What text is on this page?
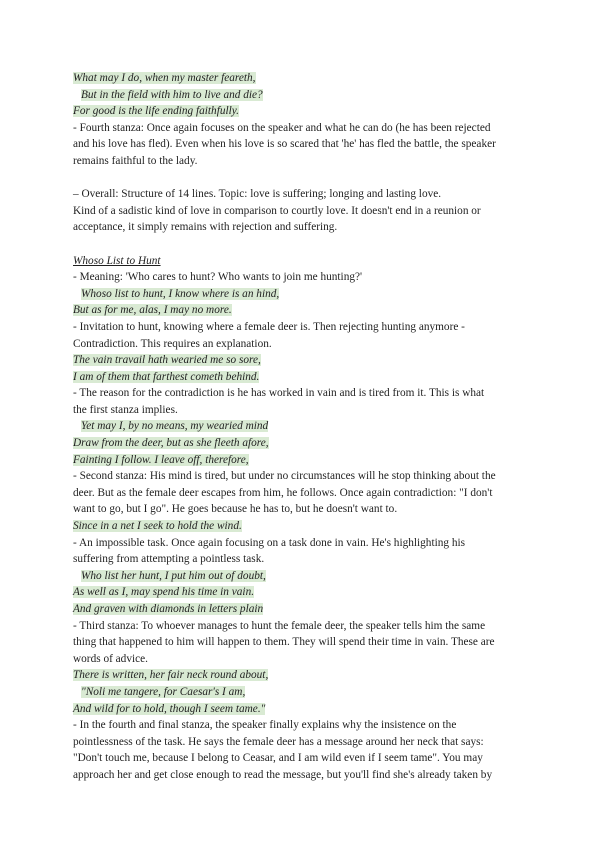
What may I do, when my master feareth,
But in the field with him to live and die?
For good is the life ending faithfully.
- Fourth stanza: Once again focuses on the speaker and what he can do (he has been rejected
and his love has fled). Even when his love is so scared that 'he' has fled the battle, the speaker
remains faithful to the lady.
– Overall: Structure of 14 lines. Topic: love is suffering; longing and lasting love.
Kind of a sadistic kind of love in comparison to courtly love. It doesn't end in a reunion or
acceptance, it simply remains with rejection and suffering.
Whoso List to Hunt
- Meaning: 'Who cares to hunt? Who wants to join me hunting?'
Whoso list to hunt, I know where is an hind,
But as for me, alas, I may no more.
- Invitation to hunt, knowing where a female deer is. Then rejecting hunting anymore -
Contradiction. This requires an explanation.
The vain travail hath wearied me so sore,
I am of them that farthest cometh behind.
- The reason for the contradiction is he has worked in vain and is tired from it. This is what
the first stanza implies.
Yet may I, by no means, my wearied mind
Draw from the deer, but as she fleeth afore,
Fainting I follow. I leave off, therefore,
- Second stanza: His mind is tired, but under no circumstances will he stop thinking about the
deer. But as the female deer escapes from him, he follows. Once again contradiction: "I don't
want to go, but I go". He goes because he has to, but he doesn't want to.
Since in a net I seek to hold the wind.
- An impossible task. Once again focusing on a task done in vain. He's highlighting his
suffering from attempting a pointless task.
Who list her hunt, I put him out of doubt,
As well as I, may spend his time in vain.
And graven with diamonds in letters plain
- Third stanza: To whoever manages to hunt the female deer, the speaker tells him the same
thing that happened to him will happen to them. They will spend their time in vain. These are
words of advice.
There is written, her fair neck round about,
"Noli me tangere, for Caesar's I am,
And wild for to hold, though I seem tame."
- In the fourth and final stanza, the speaker finally explains why the insistence on the
pointlessness of the task. He says the female deer has a message around her neck that says:
"Don't touch me, because I belong to Ceasar, and I am wild even if I seem tame". You may
approach her and get close enough to read the message, but you'll find she's already taken by
